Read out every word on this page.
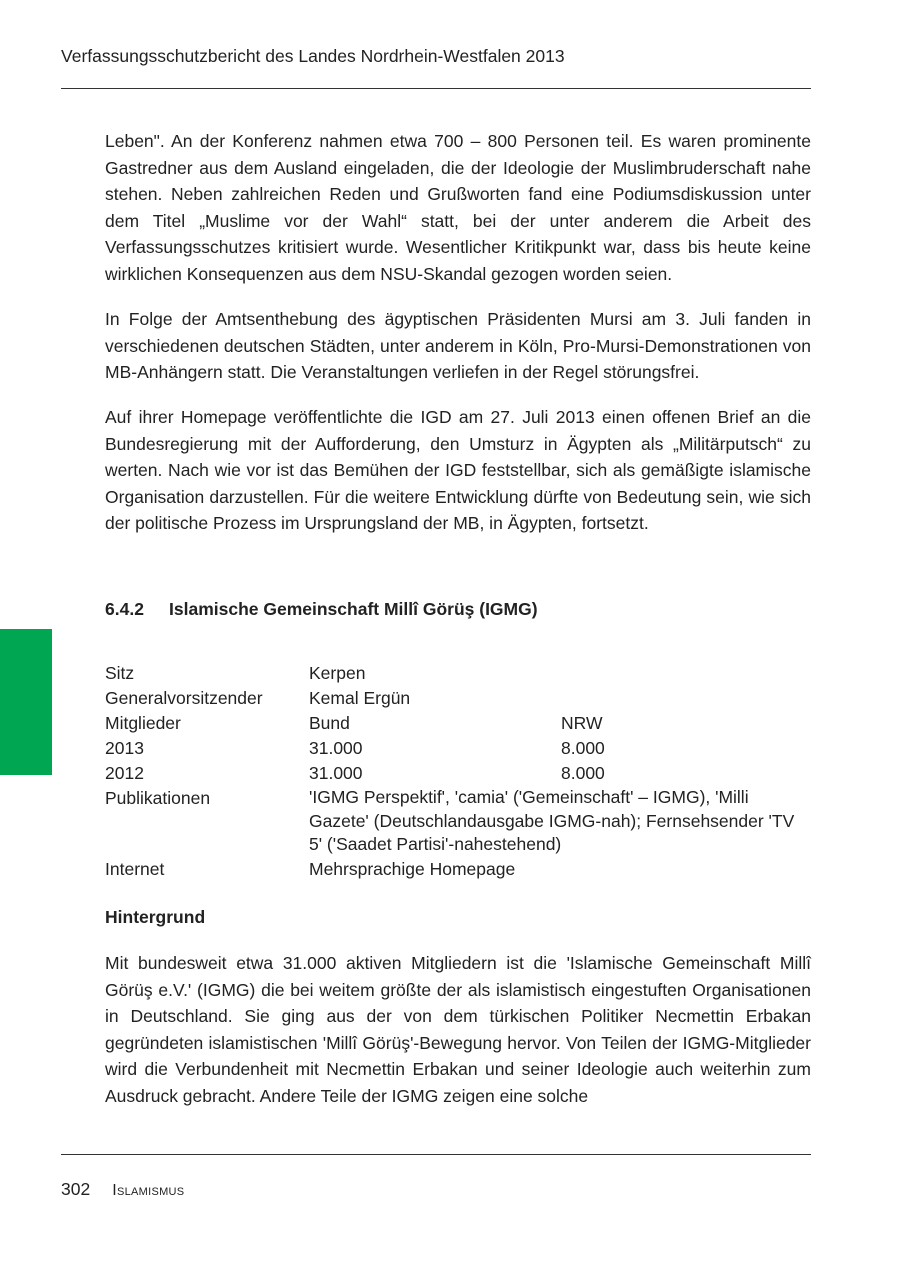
Verfassungsschutzbericht des Landes Nordrhein-Westfalen 2013

Leben". An der Konferenz nahmen etwa 700 – 800 Personen teil. Es waren prominente Gastredner aus dem Ausland eingeladen, die der Ideologie der Muslimbruderschaft nahe stehen. Neben zahlreichen Reden und Grußworten fand eine Podiumsdiskussion unter dem Titel „Muslime vor der Wahl“ statt, bei der unter anderem die Arbeit des Verfassungsschutzes kritisiert wurde. Wesentlicher Kritikpunkt war, dass bis heute keine wirklichen Konsequenzen aus dem NSU-Skandal gezogen worden seien.

In Folge der Amtsenthebung des ägyptischen Präsidenten Mursi am 3. Juli fanden in verschiedenen deutschen Städten, unter anderem in Köln, Pro-Mursi-Demonstrationen von MB-Anhängern statt. Die Veranstaltungen verliefen in der Regel störungsfrei.

Auf ihrer Homepage veröffentlichte die IGD am 27. Juli 2013 einen offenen Brief an die Bundesregierung mit der Aufforderung, den Umsturz in Ägypten als „Militärputsch“ zu werten. Nach wie vor ist das Bemühen der IGD feststellbar, sich als gemäßigte islamische Organisation darzustellen. Für die weitere Entwicklung dürfte von Bedeutung sein, wie sich der politische Prozess im Ursprungsland der MB, in Ägypten, fortsetzt.

6.4.2 Islamische Gemeinschaft Millî Görüş (IGMG)
Sitz	Kerpen
Generalvorsitzender	Kemal Ergün
Mitglieder	Bund	NRW
2013	31.000	8.000
2012	31.000	8.000
Publikationen	'IGMG Perspektif', 'camia' ('Gemeinschaft' – IGMG), 'Milli Gazete' (Deutschlandausgabe IGMG-nah); Fernsehsender 'TV 5' ('Saadet Partisi'-nahestehend)
Internet	Mehrsprachige Homepage
Hintergrund

Mit bundesweit etwa 31.000 aktiven Mitgliedern ist die 'Islamische Gemeinschaft Millî Görüş e.V.' (IGMG) die bei weitem größte der als islamistisch eingestuften Organisationen in Deutschland. Sie ging aus der von dem türkischen Politiker Necmettin Erbakan gegründeten islamistischen 'Millî Görüş'-Bewegung hervor. Von Teilen der IGMG-Mitglieder wird die Verbundenheit mit Necmettin Erbakan und seiner Ideologie auch weiterhin zum Ausdruck gebracht. Andere Teile der IGMG zeigen eine solche

302 Islamismus
